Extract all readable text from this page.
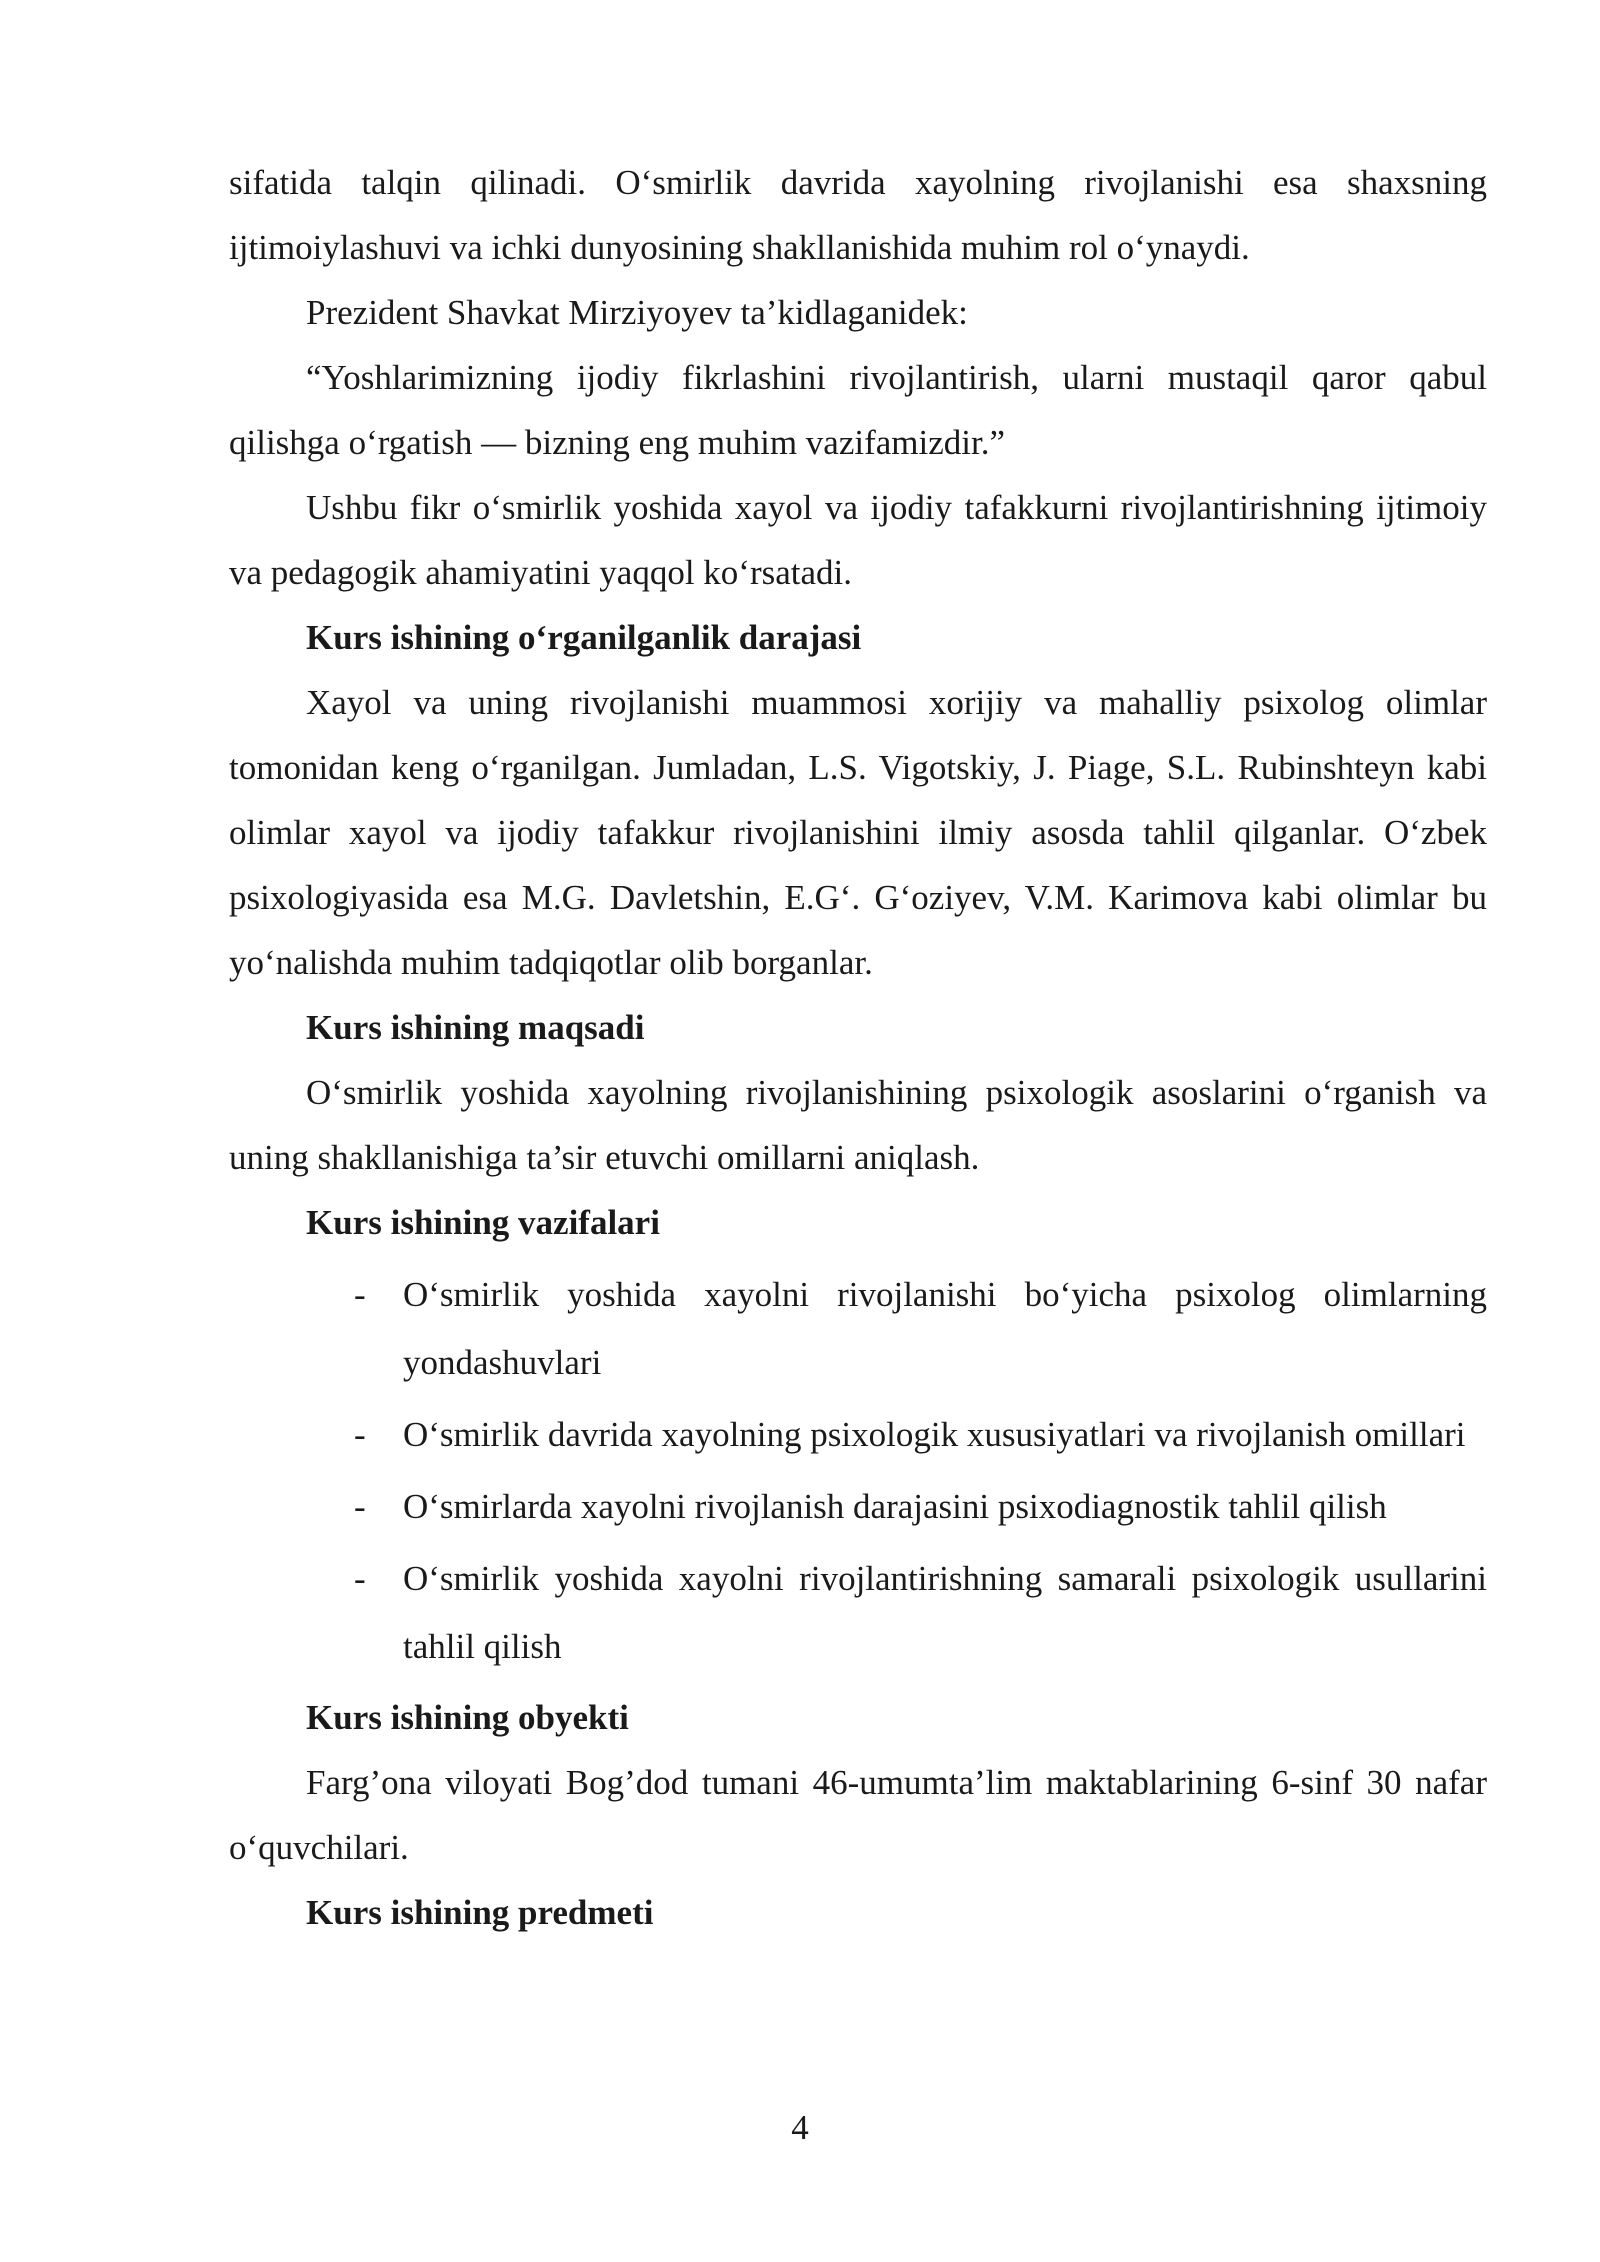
sifatida talqin qilinadi. O‘smirlik davrida xayolning rivojlanishi esa shaxsning ijtimoiylashuvi va ichki dunyosining shakllanishida muhim rol o‘ynaydi.

Prezident Shavkat Mirziyoyev ta’kidlaganidek:

“Yoshlarimizning ijodiy fikrlashini rivojlantirish, ularni mustaqil qaror qabul qilishga o‘rgatish — bizning eng muhim vazifamizdir.”

Ushbu fikr o‘smirlik yoshida xayol va ijodiy tafakkurni rivojlantirishning ijtimoiy va pedagogik ahamiyatini yaqqol ko‘rsatadi.

Kurs ishining o‘rganilganlik darajasi

Xayol va uning rivojlanishi muammosi xorijiy va mahalliy psixolog olimlar tomonidan keng o‘rganilgan. Jumladan, L.S. Vigotskiy, J. Piage, S.L. Rubinshteyn kabi olimlar xayol va ijodiy tafakkur rivojlanishini ilmiy asosda tahlil qilganlar. O‘zbek psixologiyasida esa M.G. Davletshin, E.G‘. G‘oziyev, V.M. Karimova kabi olimlar bu yo‘nalishda muhim tadqiqotlar olib borganlar.

Kurs ishining maqsadi

O‘smirlik yoshida xayolning rivojlanishining psixologik asoslarini o‘rganish va uning shakllanishiga ta’sir etuvchi omillarni aniqlash.

Kurs ishining vazifalari

- O‘smirlik yoshida xayolni rivojlanishi bo‘yicha psixolog olimlarning yondashuvlari
- O‘smirlik davrida xayolning psixologik xususiyatlari va rivojlanish omillari
- O‘smirlarda xayolni rivojlanish darajasini psixodiagnostik tahlil qilish
- O‘smirlik yoshida xayolni rivojlantirishning samarali psixologik usullarini tahlil qilish

Kurs ishining obyekti

Farg’ona viloyati Bog’dod tumani 46-umumta’lim maktablarining 6-sinf 30 nafar o‘quvchilari.

Kurs ishining predmeti

4
